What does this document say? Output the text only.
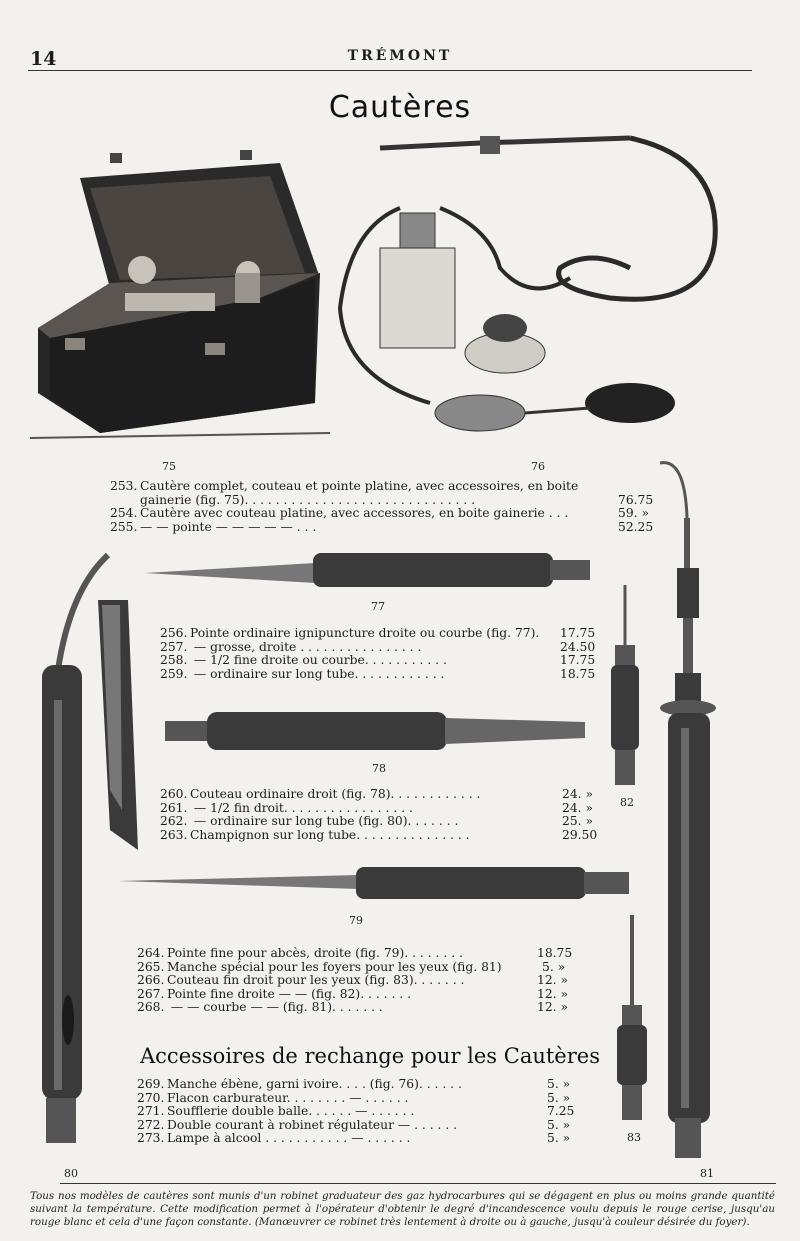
14	TRÉMONT
Cautères
75	76
253. Cautère complet, couteau et pointe platine, avec accessoires, en boite
gainerie (fig. 75). . . . . . . . . . . . . . . . . . . . . . . . . . . . . .	76.75
254. Cautère avec couteau platine, avec accessores, en boite gainerie . . .	59. »
255. — — pointe — — — — — . . .	52.25
77
256. Pointe ordinaire ignipuncture droite ou courbe (fig. 77). 17.75
257. — grosse, droite . . . . . . . . . . . . . . . .	24.50
258. — 1/2 fine droite ou courbe. . . . . . . . . . .	17.75
259. — ordinaire sur long tube. . . . . . . . . . . .	18.75
78
260. Couteau ordinaire droit (fig. 78). . . . . . . . . . . .	24. »
261. — 1/2 fin droit. . . . . . . . . . . . . . . . .	24. »
262. — ordinaire sur long tube (fig. 80). . . . . . .	25. »
263. Champignon sur long tube. . . . . . . . . . . . . . .	29.50
79
264. Pointe fine pour abcès, droite (fig. 79). . . . . . . .	18.75
265. Manche spécial pour les foyers pour les yeux (fig. 81)	5. »
266. Couteau fin droit pour les yeux (fig. 83). . . . . . .	12. »
267. Pointe fine droite — — (fig. 82). . . . . . .	12. »
268. — — courbe — — (fig. 81). . . . . . .	12. »
Accessoires de rechange pour les Cautères
269. Manche ébène, garni ivoire. . . . (fig. 76). . . . . .	5. »
270. Flacon carburateur. . . . . . . . — . . . . . .	5. »
271. Soufflerie double balle. . . . . . — . . . . . .	7.25
272. Double courant à robinet régulateur — . . . . . .	5. »
273. Lampe à alcool . . . . . . . . . . . — . . . . . .	5. »
80
82
83
81
Tous nos modèles de cautères sont munis d'un robinet graduateur des gaz hydrocarbures qui se dégagent en plus ou moins grande quantité suivant la température. Cette modification permet à l'opérateur d'obtenir le degré d'incandescence voulu depuis le rouge cerise, jusqu'au rouge blanc et cela d'une façon constante. (Manœuvrer ce robinet très lentement à droite ou à gauche, jusqu'à couleur désirée du foyer).
